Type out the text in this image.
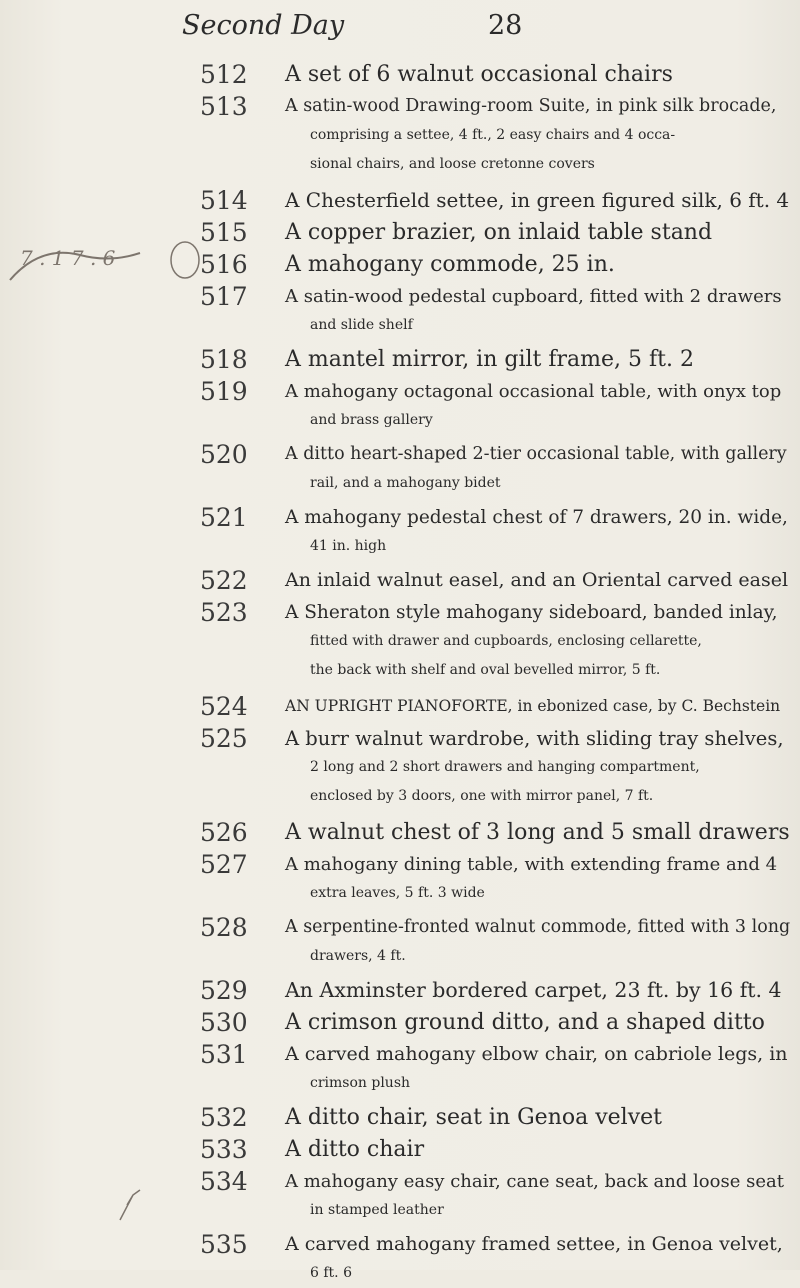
Second Day	28
7 . 1 7 . 6
512	A set of 6 walnut occasional chairs
513	A satin-wood Drawing-room Suite, in pink silk brocade,
comprising a settee, 4 ft., 2 easy chairs and 4 occa-
sional chairs, and loose cretonne covers
514	A Chesterfield settee, in green figured silk, 6 ft. 4
515	A copper brazier, on inlaid table stand
516	A mahogany commode, 25 in.
517	A satin-wood pedestal cupboard, fitted with 2 drawers
and slide shelf
518	A mantel mirror, in gilt frame, 5 ft. 2
519	A mahogany octagonal occasional table, with onyx top
and brass gallery
520	A ditto heart-shaped 2-tier occasional table, with gallery
rail, and a mahogany bidet
521	A mahogany pedestal chest of 7 drawers, 20 in. wide,
41 in. high
522	An inlaid walnut easel, and an Oriental carved easel
523	A Sheraton style mahogany sideboard, banded inlay,
fitted with drawer and cupboards, enclosing cellarette,
the back with shelf and oval bevelled mirror, 5 ft.
524	AN UPRIGHT PIANOFORTE, in ebonized case, by C. Bechstein
525	A burr walnut wardrobe, with sliding tray shelves,
2 long and 2 short drawers and hanging compartment,
enclosed by 3 doors, one with mirror panel, 7 ft.
526	A walnut chest of 3 long and 5 small drawers
527	A mahogany dining table, with extending frame and 4
extra leaves, 5 ft. 3 wide
528	A serpentine-fronted walnut commode, fitted with 3 long
drawers, 4 ft.
529	An Axminster bordered carpet, 23 ft. by 16 ft. 4
530	A crimson ground ditto, and a shaped ditto
531	A carved mahogany elbow chair, on cabriole legs, in
crimson plush
532	A ditto chair, seat in Genoa velvet
533	A ditto chair
534	A mahogany easy chair, cane seat, back and loose seat
in stamped leather
535	A carved mahogany framed settee, in Genoa velvet,
6 ft. 6
